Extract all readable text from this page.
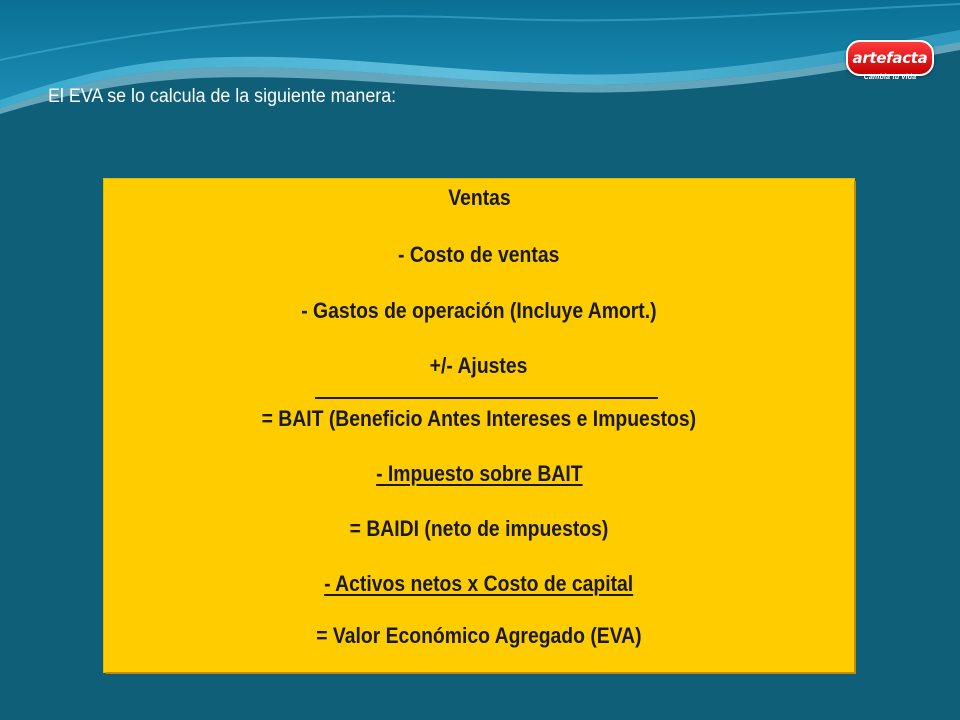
artefacta
Cambia tu vida
El EVA se lo calcula de la siguiente manera:
Ventas
- Costo de ventas
- Gastos de operación (Incluye Amort.)
+/- Ajustes
= BAIT (Beneficio Antes Intereses e Impuestos)
- Impuesto sobre BAIT
= BAIDI (neto de impuestos)
- Activos netos x Costo de capital
= Valor Económico Agregado (EVA)
